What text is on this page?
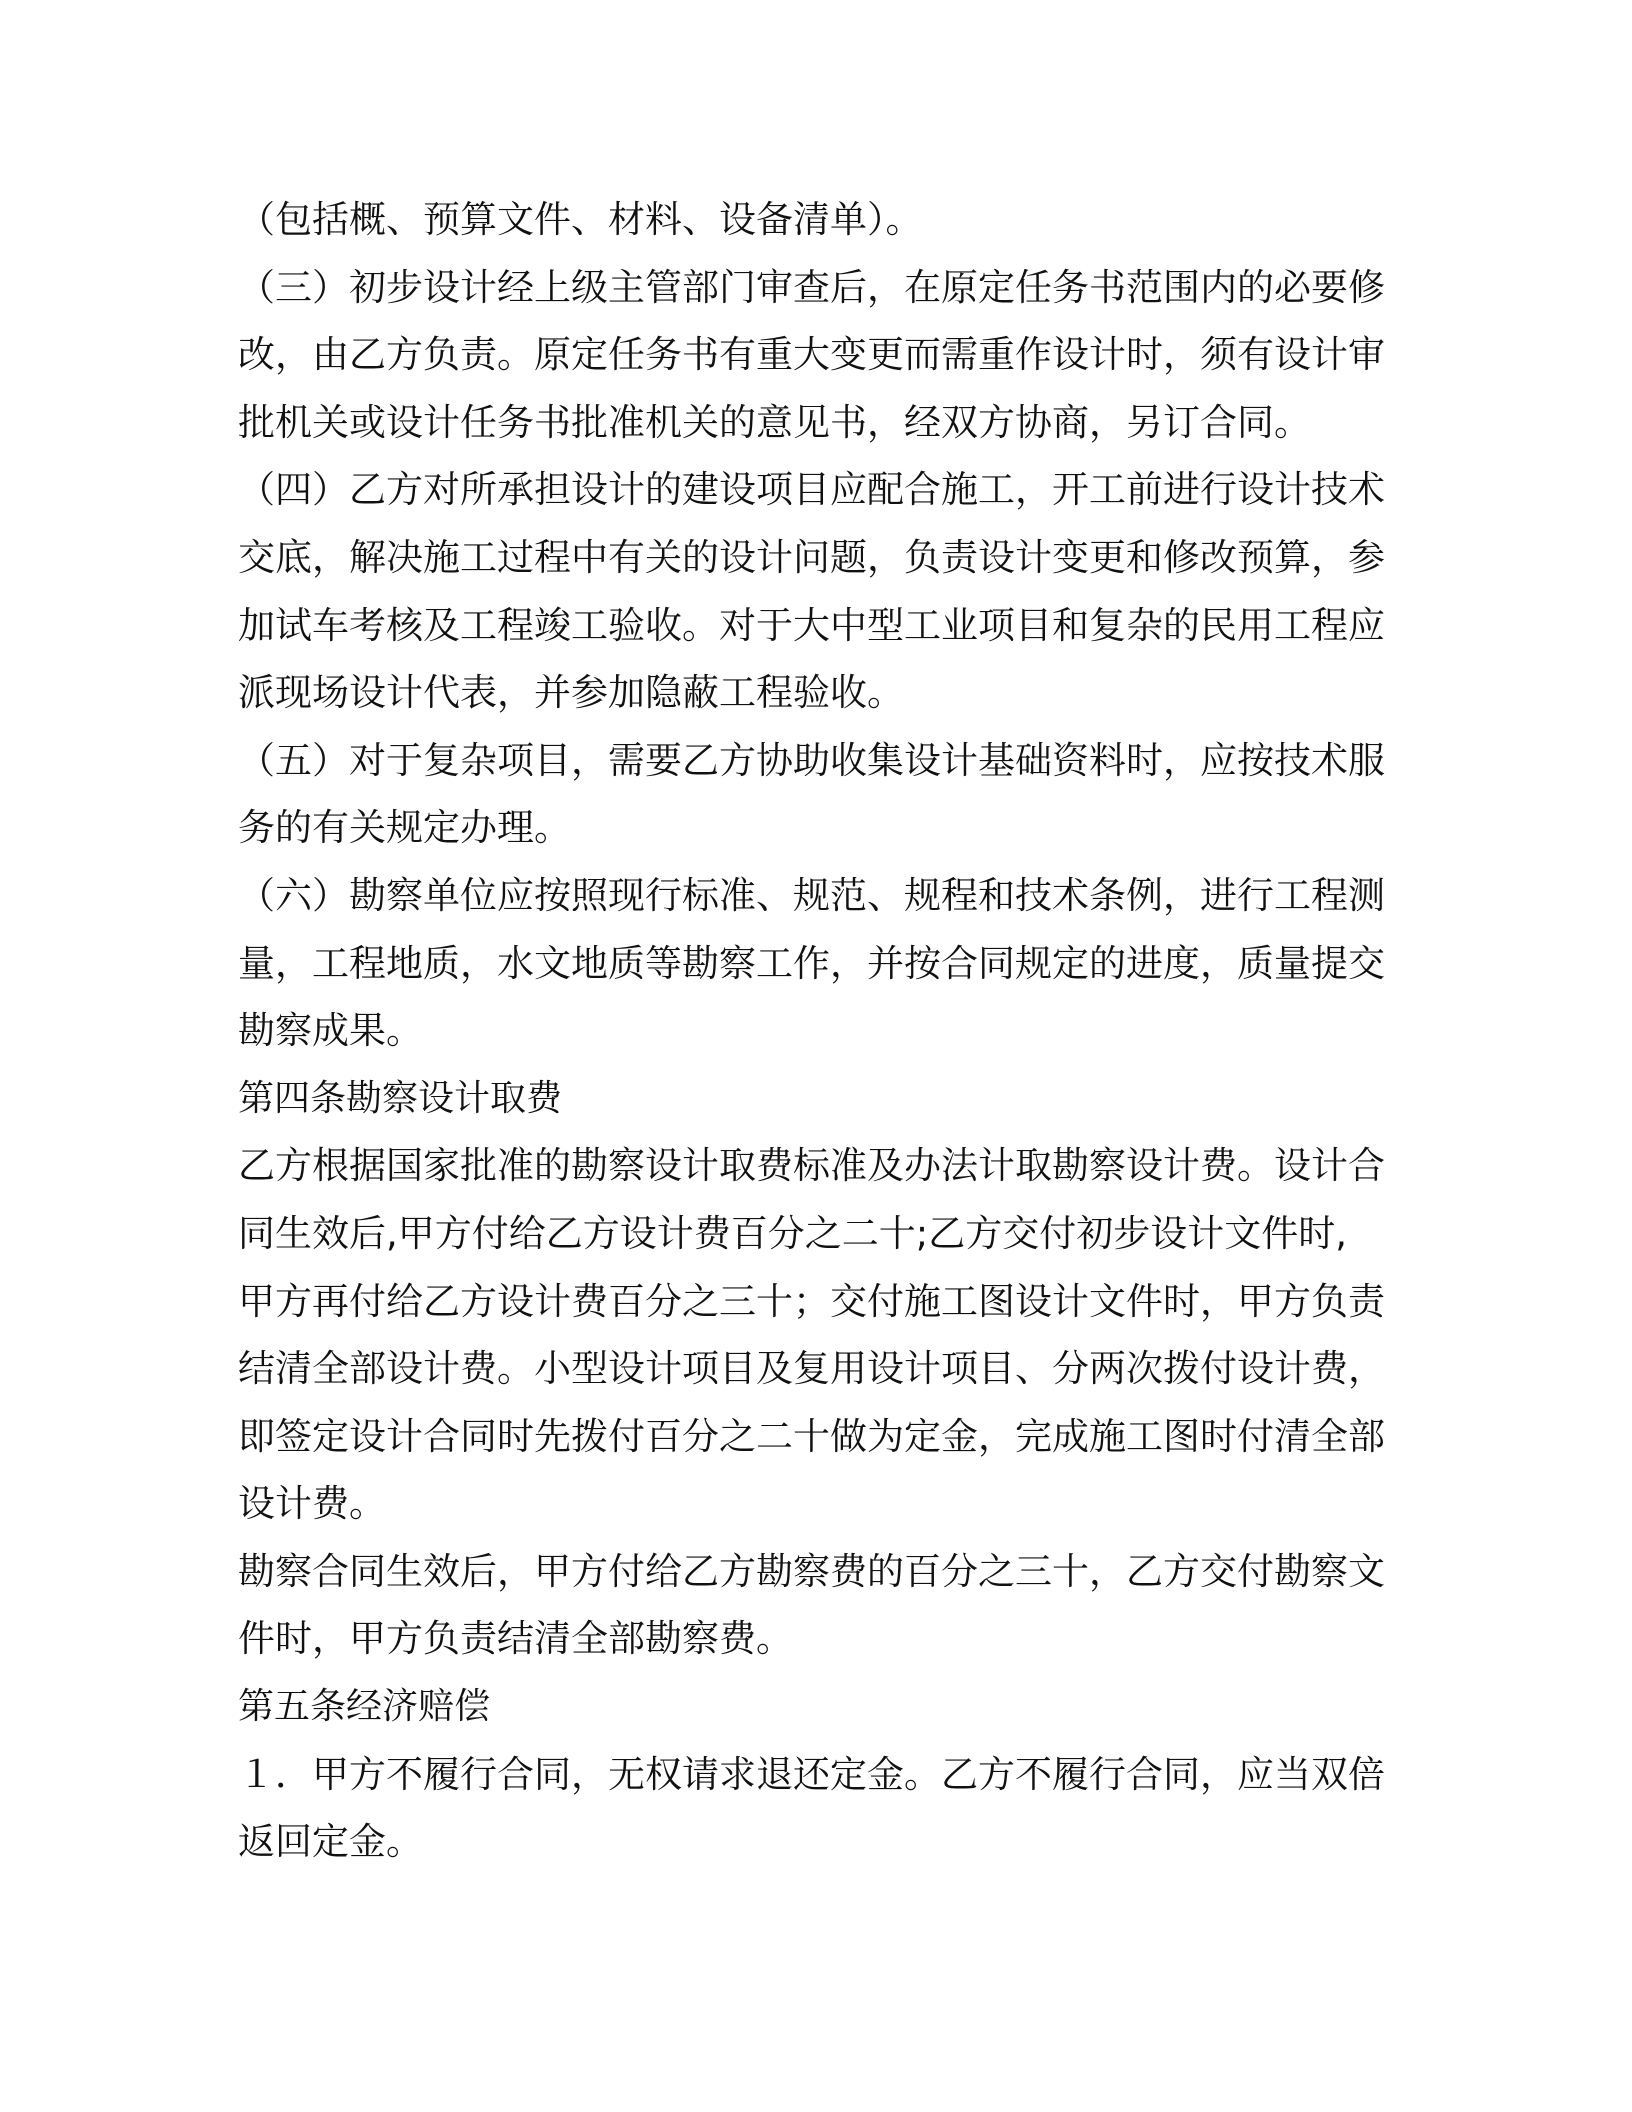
（包括概、预算文件、材料、设备清单）。
（三）初步设计经上级主管部门审查后，在原定任务书范围内的必要修
改，由乙方负责。原定任务书有重大变更而需重作设计时，须有设计审
批机关或设计任务书批准机关的意见书，经双方协商，另订合同。
（四）乙方对所承担设计的建设项目应配合施工，开工前进行设计技术
交底，解决施工过程中有关的设计问题，负责设计变更和修改预算，参
加试车考核及工程竣工验收。对于大中型工业项目和复杂的民用工程应
派现场设计代表，并参加隐蔽工程验收。
（五）对于复杂项目，需要乙方协助收集设计基础资料时，应按技术服
务的有关规定办理。
（六）勘察单位应按照现行标准、规范、规程和技术条例，进行工程测
量，工程地质，水文地质等勘察工作，并按合同规定的进度，质量提交
勘察成果。
第四条勘察设计取费
乙方根据国家批准的勘察设计取费标准及办法计取勘察设计费。设计合
同生效后,甲方付给乙方设计费百分之二十;乙方交付初步设计文件时,
甲方再付给乙方设计费百分之三十；交付施工图设计文件时，甲方负责
结清全部设计费。小型设计项目及复用设计项目、分两次拨付设计费，
即签定设计合同时先拨付百分之二十做为定金，完成施工图时付清全部
设计费。
勘察合同生效后，甲方付给乙方勘察费的百分之三十，乙方交付勘察文
件时，甲方负责结清全部勘察费。
第五条经济赔偿
１．甲方不履行合同，无权请求退还定金。乙方不履行合同，应当双倍
返回定金。
